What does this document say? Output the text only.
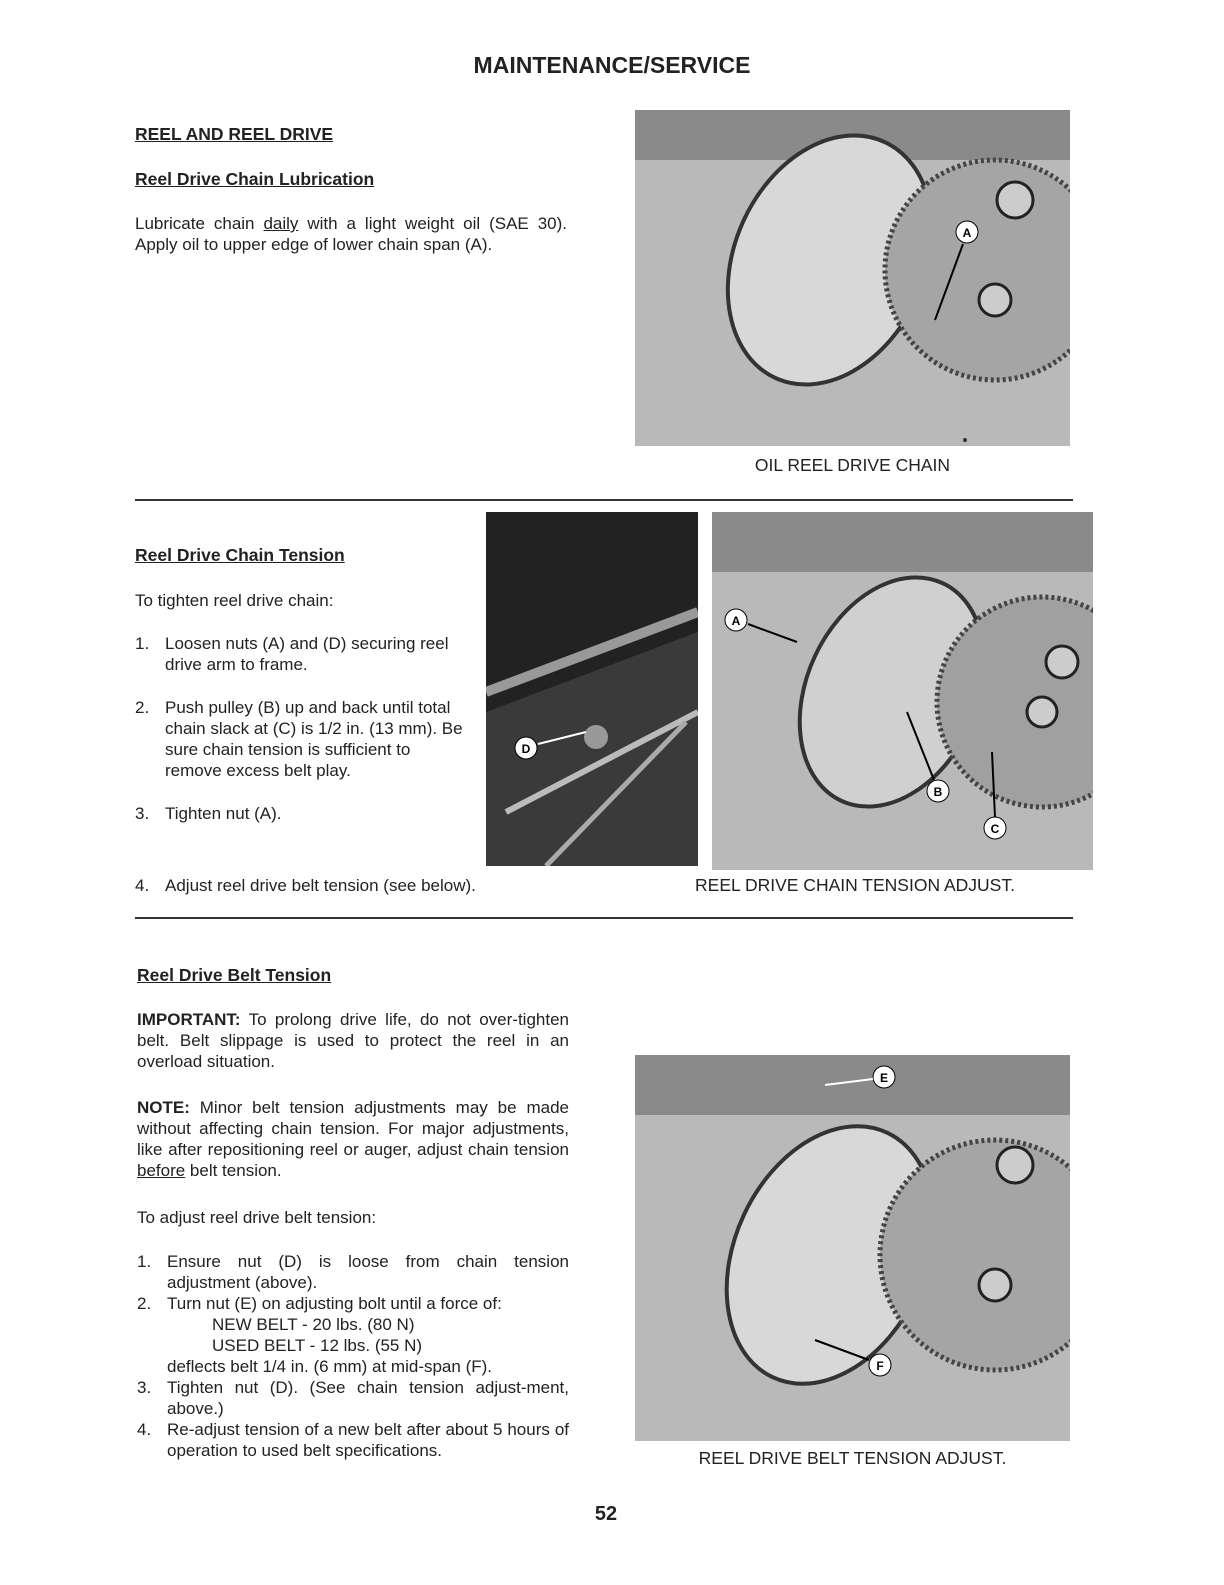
MAINTENANCE/SERVICE
REEL AND REEL DRIVE
Reel Drive Chain Lubrication
Lubricate chain daily with a light weight oil (SAE 30). Apply oil to upper edge of lower chain span (A).
A
OIL REEL DRIVE CHAIN
Reel Drive Chain Tension
To tighten reel drive chain:
1. Loosen nuts (A) and (D) securing reel drive arm to frame.
2. Push pulley (B) up and back until total chain slack at (C) is 1/2 in. (13 mm). Be sure chain tension is sufficient to remove excess belt play.
3. Tighten nut (A).
4. Adjust reel drive belt tension (see below).
D
A
B
C
REEL DRIVE CHAIN TENSION ADJUST.
Reel Drive Belt Tension
IMPORTANT: To prolong drive life, do not over-tighten belt. Belt slippage is used to protect the reel in an overload situation.
NOTE: Minor belt tension adjustments may be made without affecting chain tension. For major adjustments, like after repositioning reel or auger, adjust chain tension before belt tension.
To adjust reel drive belt tension:
1. Ensure nut (D) is loose from chain tension adjustment (above).
2. Turn nut (E) on adjusting bolt until a force of:
NEW BELT - 20 lbs. (80 N)
USED BELT - 12 lbs. (55 N)
deflects belt 1/4 in. (6 mm) at mid-span (F).
3. Tighten nut (D). (See chain tension adjust-ment, above.)
4. Re-adjust tension of a new belt after about 5 hours of operation to used belt specifications.
E
F
REEL DRIVE BELT TENSION ADJUST.
52
